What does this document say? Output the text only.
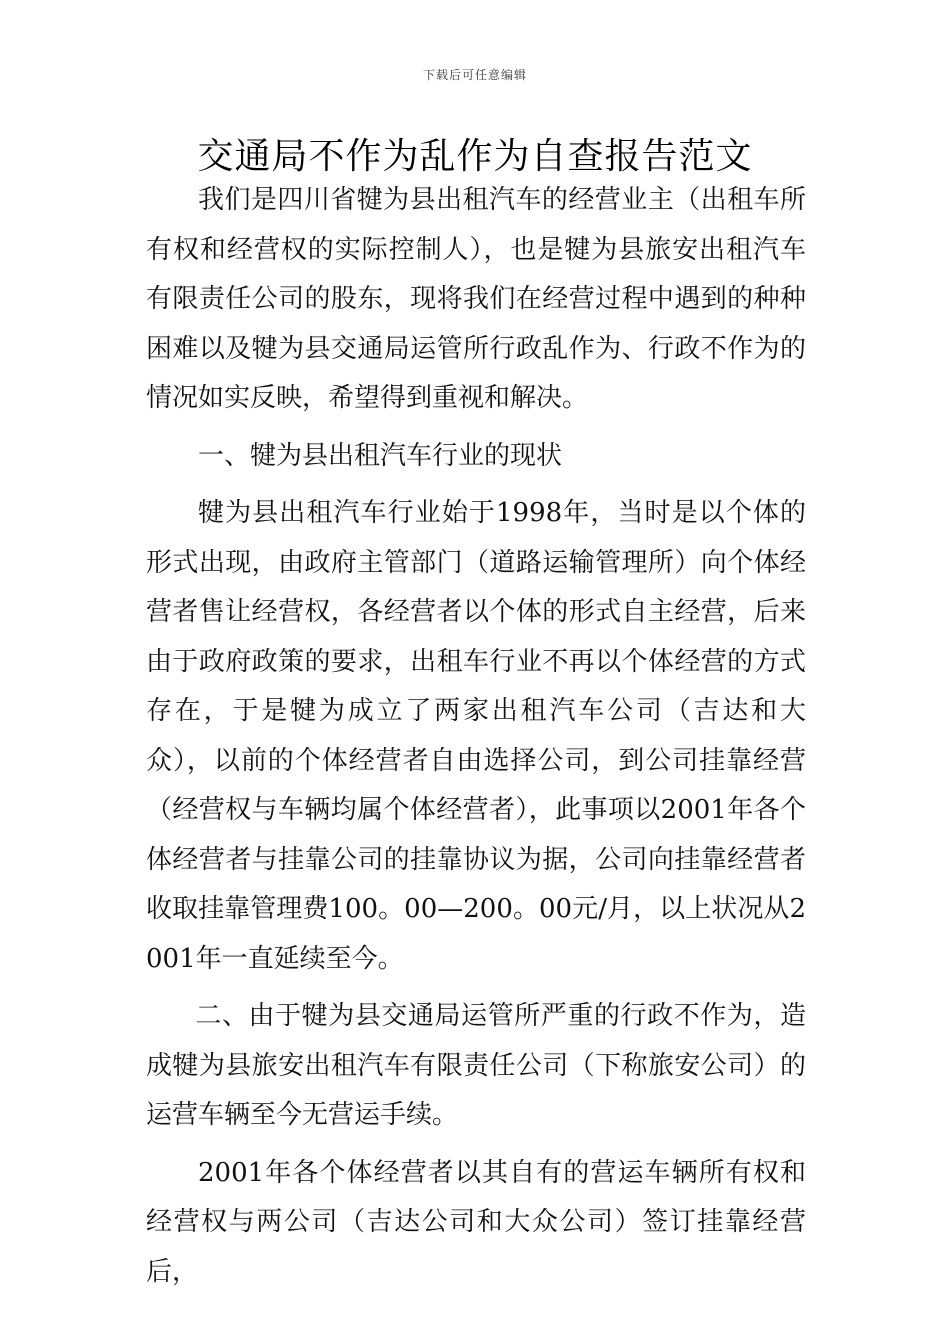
下载后可任意编辑
交通局不作为乱作为自查报告范文

我们是四川省犍为县出租汽车的经营业主（出租车所有权和经营权的实际控制人），也是犍为县旅安出租汽车有限责任公司的股东，现将我们在经营过程中遇到的种种困难以及犍为县交通局运管所行政乱作为、行政不作为的情况如实反映，希望得到重视和解决。

一、犍为县出租汽车行业的现状

犍为县出租汽车行业始于1998年，当时是以个体的形式出现，由政府主管部门（道路运输管理所）向个体经营者售让经营权，各经营者以个体的形式自主经营，后来由于政府政策的要求，出租车行业不再以个体经营的方式存在，于是犍为成立了两家出租汽车公司（吉达和大众），以前的个体经营者自由选择公司，到公司挂靠经营（经营权与车辆均属个体经营者），此事项以2001年各个体经营者与挂靠公司的挂靠协议为据，公司向挂靠经营者收取挂靠管理费100。00—200。00元/月，以上状况从2001年一直延续至今。

二、由于犍为县交通局运管所严重的行政不作为，造成犍为县旅安出租汽车有限责任公司（下称旅安公司）的运营车辆至今无营运手续。

2001年各个体经营者以其自有的营运车辆所有权和经营权与两公司（吉达公司和大众公司）签订挂靠经营后，
